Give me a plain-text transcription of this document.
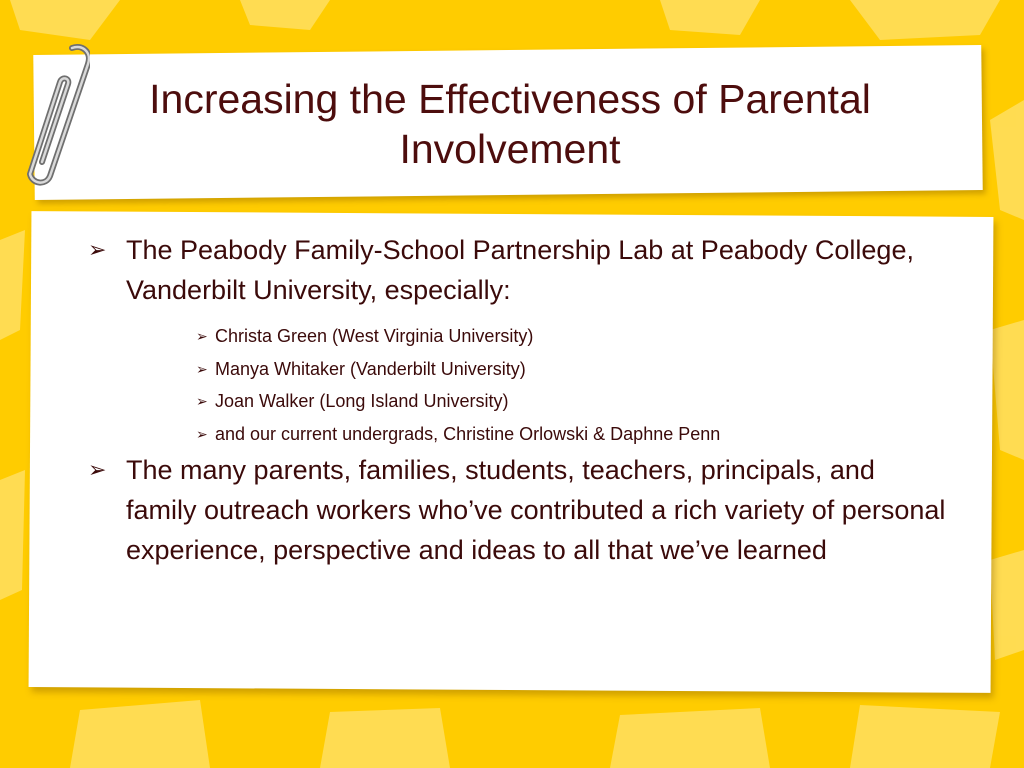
Increasing the Effectiveness of Parental Involvement
➢ The Peabody Family-School Partnership Lab at Peabody College, Vanderbilt University, especially:
➢ Christa Green (West Virginia University)
➢ Manya Whitaker (Vanderbilt University)
➢ Joan Walker (Long Island University)
➢ and our current undergrads, Christine Orlowski & Daphne Penn
➢ The many parents, families, students, teachers, principals, and family outreach workers who’ve contributed a rich variety of personal experience, perspective and ideas to all that we’ve learned
